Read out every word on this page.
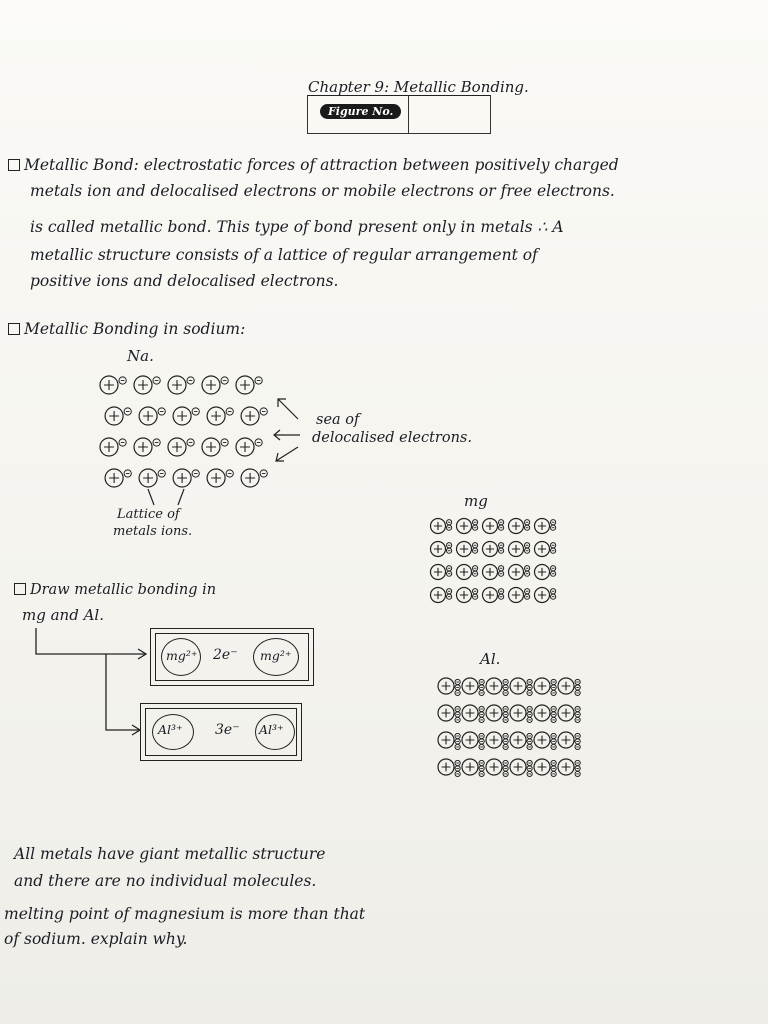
Chapter 9: Metallic Bonding.
Figure No.
Metallic Bond: electrostatic forces of attraction between positively charged
metals ion and delocalised electrons or mobile electrons or free electrons.
is called metallic bond. This type of bond present only in metals ∴ A
metallic structure consists of a lattice of regular arrangement of
positive ions and delocalised electrons.
Metallic Bonding in sodium:
Na.
sea of
delocalised electrons.
Lattice of
metals ions.
Draw metallic bonding in
mg and Al.
mg²⁺ 2e⁻ mg²⁺
Al³⁺ 3e⁻ Al³⁺
mg
Al.
All metals have giant metallic structure
and there are no individual molecules.
melting point of magnesium is more than that
of sodium. explain why.
